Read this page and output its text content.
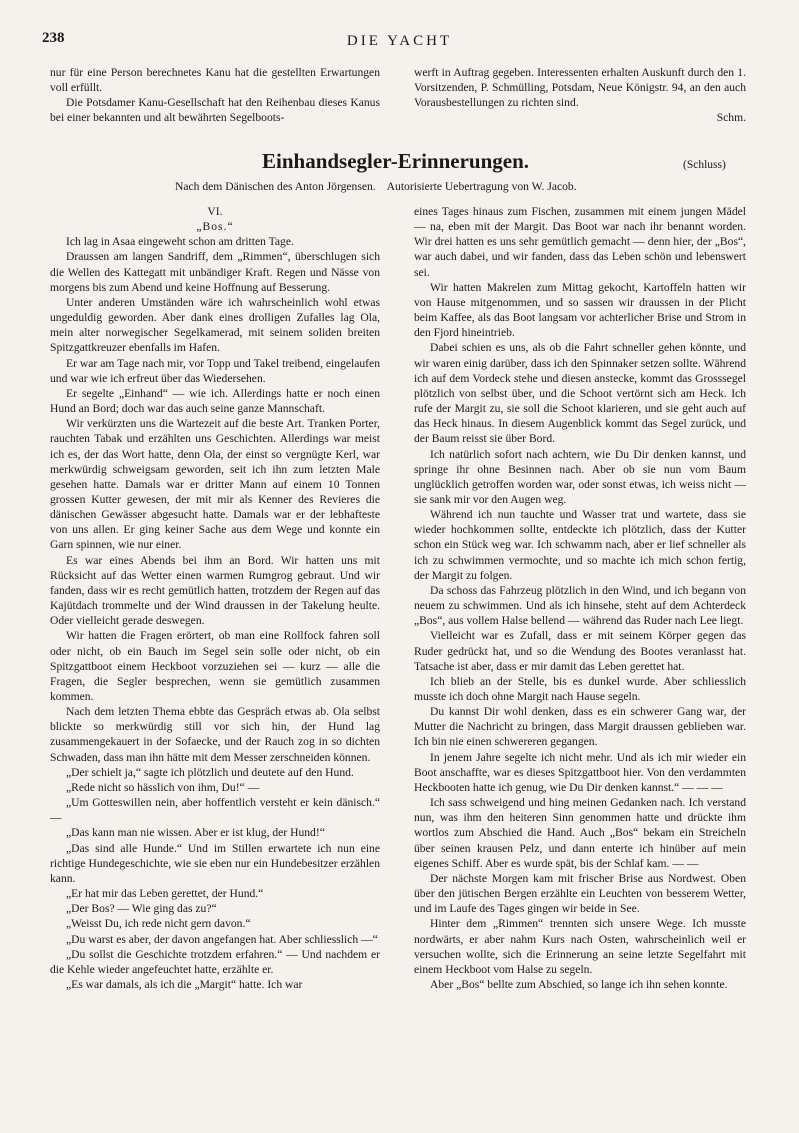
238	DIE YACHT

nur für eine Person berechnetes Kanu hat die gestellten Erwartungen voll erfüllt.

Die Potsdamer Kanu-Gesellschaft hat den Reihenbau dieses Kanus bei einer bekannten und alt bewährten Segelboots-

werft in Auftrag gegeben. Interessenten erhalten Auskunft durch den 1. Vorsitzenden, P. Schmülling, Potsdam, Neue Königstr. 94, an den auch Vorausbestellungen zu richten sind.

Schm.

Einhandsegler-Erinnerungen.	(Schluss)
Nach dem Dänischen des Anton Jörgensen.    Autorisierte Uebertragung von W. Jacob.

VI.

„Bos.“

Ich lag in Asaa eingeweht schon am dritten Tage.

Draussen am langen Sandriff, dem „Rimmen“, überschlugen sich die Wellen des Kattegatt mit unbändiger Kraft. Regen und Nässe von morgens bis zum Abend und keine Hoffnung auf Besserung.

Unter anderen Umständen wäre ich wahrscheinlich wohl etwas ungeduldig geworden. Aber dank eines drolligen Zufalles lag Ola, mein alter norwegischer Segelkamerad, mit seinem soliden breiten Spitzgattkreuzer ebenfalls im Hafen.

Er war am Tage nach mir, vor Topp und Takel treibend, eingelaufen und war wie ich erfreut über das Wiedersehen.

Er segelte „Einhand“ — wie ich. Allerdings hatte er noch einen Hund an Bord; doch war das auch seine ganze Mannschaft.

Wir verkürzten uns die Wartezeit auf die beste Art. Tranken Porter, rauchten Tabak und erzählten uns Geschichten. Allerdings war meist ich es, der das Wort hatte, denn Ola, der einst so vergnügte Kerl, war merkwürdig schweigsam geworden, seit ich ihn zum letzten Male gesehen hatte. Damals war er dritter Mann auf einem 10 Tonnen grossen Kutter gewesen, der mit mir als Kenner des Revieres die dänischen Gewässer abgesucht hatte. Damals war er der lebhafteste von uns allen. Er ging keiner Sache aus dem Wege und konnte ein Garn spinnen, wie nur einer.

Es war eines Abends bei ihm an Bord. Wir hatten uns mit Rücksicht auf das Wetter einen warmen Rumgrog gebraut. Und wir fanden, dass wir es recht gemütlich hatten, trotzdem der Regen auf das Kajütdach trommelte und der Wind draussen in der Takelung heulte. Oder vielleicht gerade deswegen.

Wir hatten die Fragen erörtert, ob man eine Rollfock fahren soll oder nicht, ob ein Bauch im Segel sein solle oder nicht, ob ein Spitzgattboot einem Heckboot vorzuziehen sei — kurz — alle die Fragen, die Segler besprechen, wenn sie gemütlich zusammen kommen.

Nach dem letzten Thema ebbte das Gespräch etwas ab. Ola selbst blickte so merkwürdig still vor sich hin, der Hund lag zusammengekauert in der Sofaecke, und der Rauch zog in so dichten Schwaden, dass man ihn hätte mit dem Messer zerschneiden können.

„Der schielt ja,“ sagte ich plötzlich und deutete auf den Hund.

„Rede nicht so hässlich von ihm, Du!“ —

„Um Gotteswillen nein, aber hoffentlich versteht er kein dänisch.“ —

„Das kann man nie wissen. Aber er ist klug, der Hund!“

„Das sind alle Hunde.“ Und im Stillen erwartete ich nun eine richtige Hundegeschichte, wie sie eben nur ein Hundebesitzer erzählen kann.

„Er hat mir das Leben gerettet, der Hund.“

„Der Bos? — Wie ging das zu?“

„Weisst Du, ich rede nicht gern davon.“

„Du warst es aber, der davon angefangen hat. Aber schliesslich —“

„Du sollst die Geschichte trotzdem erfahren.“ — Und nachdem er die Kehle wieder angefeuchtet hatte, erzählte er.

„Es war damals, als ich die „Margit“ hatte. Ich war

eines Tages hinaus zum Fischen, zusammen mit einem jungen Mädel — na, eben mit der Margit. Das Boot war nach ihr benannt worden. Wir drei hatten es uns sehr gemütlich gemacht — denn hier, der „Bos“, war auch dabei, und wir fanden, dass das Leben schön und lebenswert sei.

Wir hatten Makrelen zum Mittag gekocht, Kartoffeln hatten wir von Hause mitgenommen, und so sassen wir draussen in der Plicht beim Kaffee, als das Boot langsam vor achterlicher Brise und Strom in den Fjord hineintrieb.

Dabei schien es uns, als ob die Fahrt schneller gehen könnte, und wir waren einig darüber, dass ich den Spinnaker setzen sollte. Während ich auf dem Vordeck stehe und diesen anstecke, kommt das Grosssegel plötzlich von selbst über, und die Schoot vertörnt sich am Heck. Ich rufe der Margit zu, sie soll die Schoot klarieren, und sie geht auch auf das Heck hinaus. In diesem Augenblick kommt das Segel zurück, und der Baum reisst sie über Bord.

Ich natürlich sofort nach achtern, wie Du Dir denken kannst, und springe ihr ohne Besinnen nach. Aber ob sie nun vom Baum unglücklich getroffen worden war, oder sonst etwas, ich weiss nicht — sie sank mir vor den Augen weg.

Während ich nun tauchte und Wasser trat und wartete, dass sie wieder hochkommen sollte, entdeckte ich plötzlich, dass der Kutter schon ein Stück weg war. Ich schwamm nach, aber er lief schneller als ich zu schwimmen vermochte, und so machte ich mich schon fertig, der Margit zu folgen.

Da schoss das Fahrzeug plötzlich in den Wind, und ich begann von neuem zu schwimmen. Und als ich hinsehe, steht auf dem Achterdeck „Bos“, aus vollem Halse bellend — während das Ruder nach Lee liegt.

Vielleicht war es Zufall, dass er mit seinem Körper gegen das Ruder gedrückt hat, und so die Wendung des Bootes veranlasst hat. Tatsache ist aber, dass er mir damit das Leben gerettet hat.

Ich blieb an der Stelle, bis es dunkel wurde. Aber schliesslich musste ich doch ohne Margit nach Hause segeln.

Du kannst Dir wohl denken, dass es ein schwerer Gang war, der Mutter die Nachricht zu bringen, dass Margit draussen geblieben war. Ich bin nie einen schwereren gegangen.

In jenem Jahre segelte ich nicht mehr. Und als ich mir wieder ein Boot anschaffte, war es dieses Spitzgattboot hier. Von den verdammten Heckbooten hatte ich genug, wie Du Dir denken kannst.“ — — —

Ich sass schweigend und hing meinen Gedanken nach. Ich verstand nun, was ihm den heiteren Sinn genommen hatte und drückte ihm wortlos zum Abschied die Hand. Auch „Bos“ bekam ein Streicheln über seinen krausen Pelz, und dann enterte ich hinüber auf mein eigenes Schiff. Aber es wurde spät, bis der Schlaf kam. — —

Der nächste Morgen kam mit frischer Brise aus Nordwest. Oben über den jütischen Bergen erzählte ein Leuchten von besserem Wetter, und im Laufe des Tages gingen wir beide in See.

Hinter dem „Rimmen“ trennten sich unsere Wege. Ich musste nordwärts, er aber nahm Kurs nach Osten, wahrscheinlich weil er versuchen wollte, sich die Erinnerung an seine letzte Segelfahrt mit einem Heckboot vom Halse zu segeln.

Aber „Bos“ bellte zum Abschied, so lange ich ihn sehen konnte.
